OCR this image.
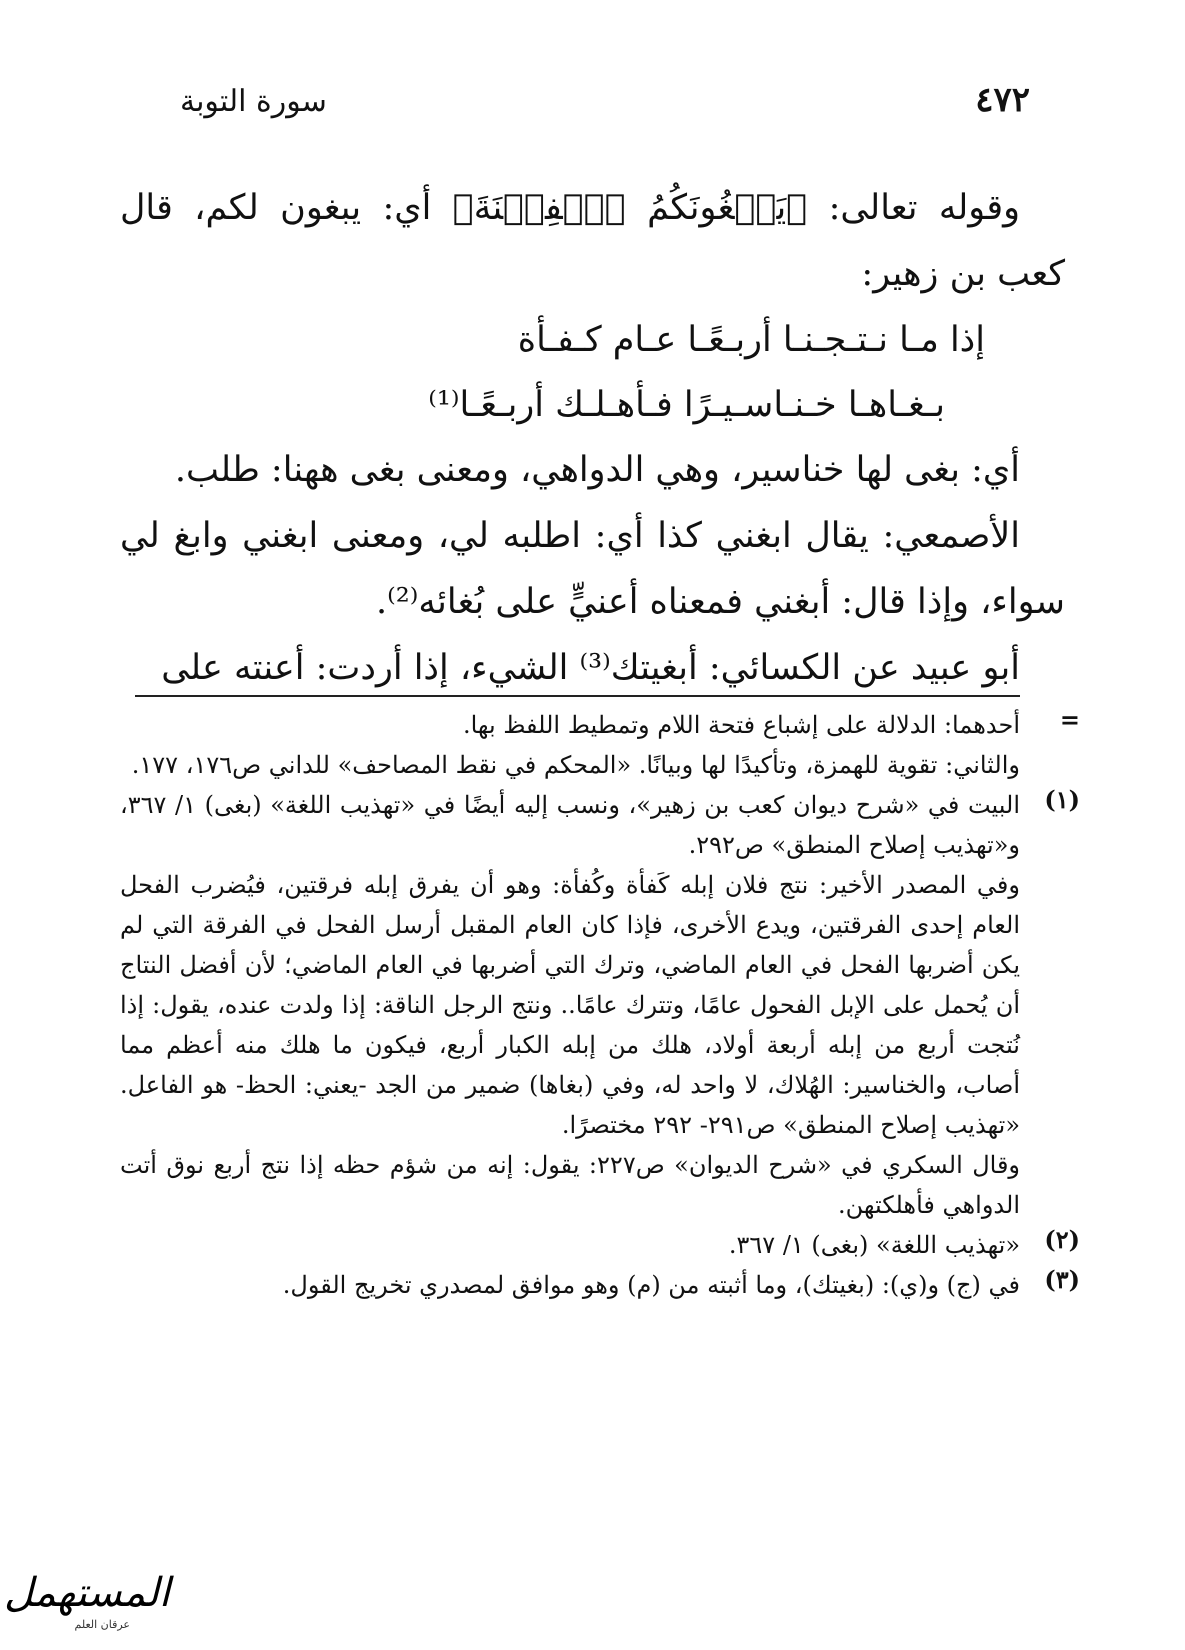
سورة التوبة	٤٧٢

وقوله تعالى: ﴿يَبۡغُونَكُمُ ٱلۡفِتۡنَةَ﴾ أي: يبغون لكم، قال كعب بن زهير:

إذا مـا نـتـجـنـا أربـعًـا عـام كـفـأة

بـغـاهـا خـنـاسـيـرًا فـأهـلـك أربـعًـا⁽¹⁾

أي: بغى لها خناسير، وهي الدواهي، ومعنى بغى ههنا: طلب.

الأصمعي: يقال ابغني كذا أي: اطلبه لي، ومعنى ابغني وابغ لي سواء، وإذا قال: أبغني فمعناه أعنيٍّ على بُغائه⁽²⁾.

أبو عبيد عن الكسائي: أبغيتك⁽³⁾ الشيء، إذا أردت: أعنته على

=

أحدهما: الدلالة على إشباع فتحة اللام وتمطيط اللفظ بها.

والثاني: تقوية للهمزة، وتأكيدًا لها وبيانًا. «المحكم في نقط المصاحف» للداني ص١٧٦، ١٧٧.

(١)

البيت في «شرح ديوان كعب بن زهير»، ونسب إليه أيضًا في «تهذيب اللغة» (بغى) ١/ ٣٦٧، و«تهذيب إصلاح المنطق» ص٢٩٢.

وفي المصدر الأخير: نتج فلان إبله كَفأة وكُفأة: وهو أن يفرق إبله فرقتين، فيُضرب الفحل العام إحدى الفرقتين، ويدع الأخرى، فإذا كان العام المقبل أرسل الفحل في الفرقة التي لم يكن أضربها الفحل في العام الماضي، وترك التي أضربها في العام الماضي؛ لأن أفضل النتاج أن يُحمل على الإبل الفحول عامًا، وتترك عامًا.. ونتج الرجل الناقة: إذا ولدت عنده، يقول: إذا نُتجت أربع من إبله أربعة أولاد، هلك من إبله الكبار أربع، فيكون ما هلك منه أعظم مما أصاب، والخناسير: الهُلاك، لا واحد له، وفي (بغاها) ضمير من الجد -يعني: الحظ- هو الفاعل. «تهذيب إصلاح المنطق» ص٢٩١- ٢٩٢ مختصرًا.

وقال السكري في «شرح الديوان» ص٢٢٧: يقول: إنه من شؤم حظه إذا نتج أربع نوق أتت الدواهي فأهلكتهن.

(٢)

«تهذيب اللغة» (بغى) ١/ ٣٦٧.

(٣)

في (ج) و(ي): (بغيتك)، وما أثبته من (م) وهو موافق لمصدري تخريج القول.

المستهمل
عرقان العلم
